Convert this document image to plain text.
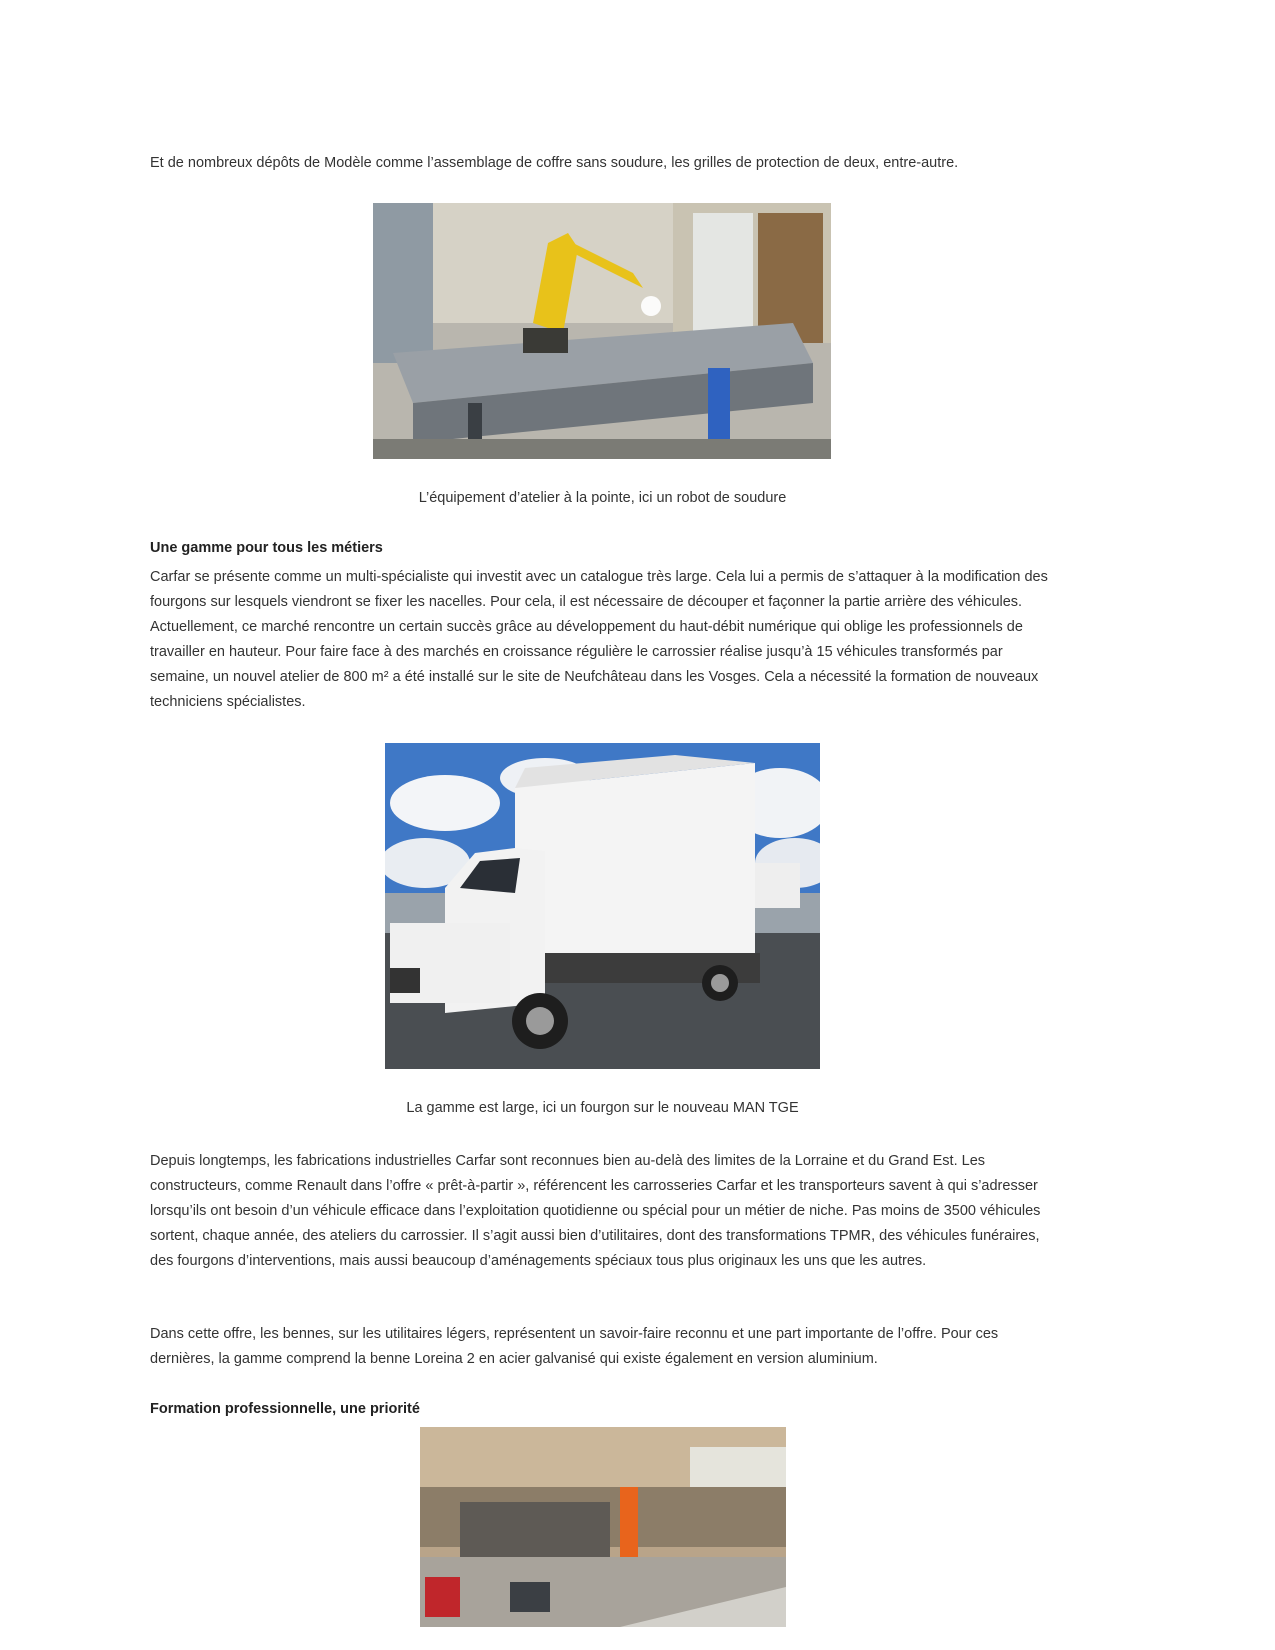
Et de nombreux dépôts de Modèle comme l’assemblage de coffre sans soudure, les grilles de protection de deux, entre-autre.

L’équipement d’atelier à la pointe, ici un robot de soudure

Une gamme pour tous les métiers

Carfar se présente comme un multi-spécialiste qui investit avec un catalogue très large. Cela lui a permis de s’attaquer à la modification des fourgons sur lesquels viendront se fixer les nacelles. Pour cela, il est nécessaire de découper et façonner la partie arrière des véhicules. Actuellement, ce marché rencontre un certain succès grâce au développement du haut-débit numérique qui oblige les professionnels de travailler en hauteur. Pour faire face à des marchés en croissance régulière le carrossier réalise jusqu’à 15 véhicules transformés par semaine, un nouvel atelier de 800 m² a été installé sur le site de Neufchâteau dans les Vosges. Cela a nécessité la formation de nouveaux techniciens spécialistes.

La gamme est large, ici un fourgon sur le nouveau MAN TGE

Depuis longtemps, les fabrications industrielles Carfar sont reconnues bien au-delà des limites de la Lorraine et du Grand Est. Les constructeurs, comme Renault dans l’offre « prêt-à-partir », référencent les carrosseries Carfar et les transporteurs savent à qui s’adresser lorsqu’ils ont besoin d’un véhicule efficace dans l’exploitation quotidienne ou spécial pour un métier de niche. Pas moins de 3500 véhicules sortent, chaque année, des ateliers du carrossier. Il s’agit aussi bien d’utilitaires, dont des transformations TPMR, des véhicules funéraires, des fourgons d’interventions, mais aussi beaucoup d’aménagements spéciaux tous plus originaux les uns que les autres.

Dans cette offre, les bennes, sur les utilitaires légers, représentent un savoir-faire reconnu et une part importante de l’offre. Pour ces dernières, la gamme comprend la benne Loreina 2 en acier galvanisé qui existe également en version aluminium.

Formation professionnelle, une priorité
